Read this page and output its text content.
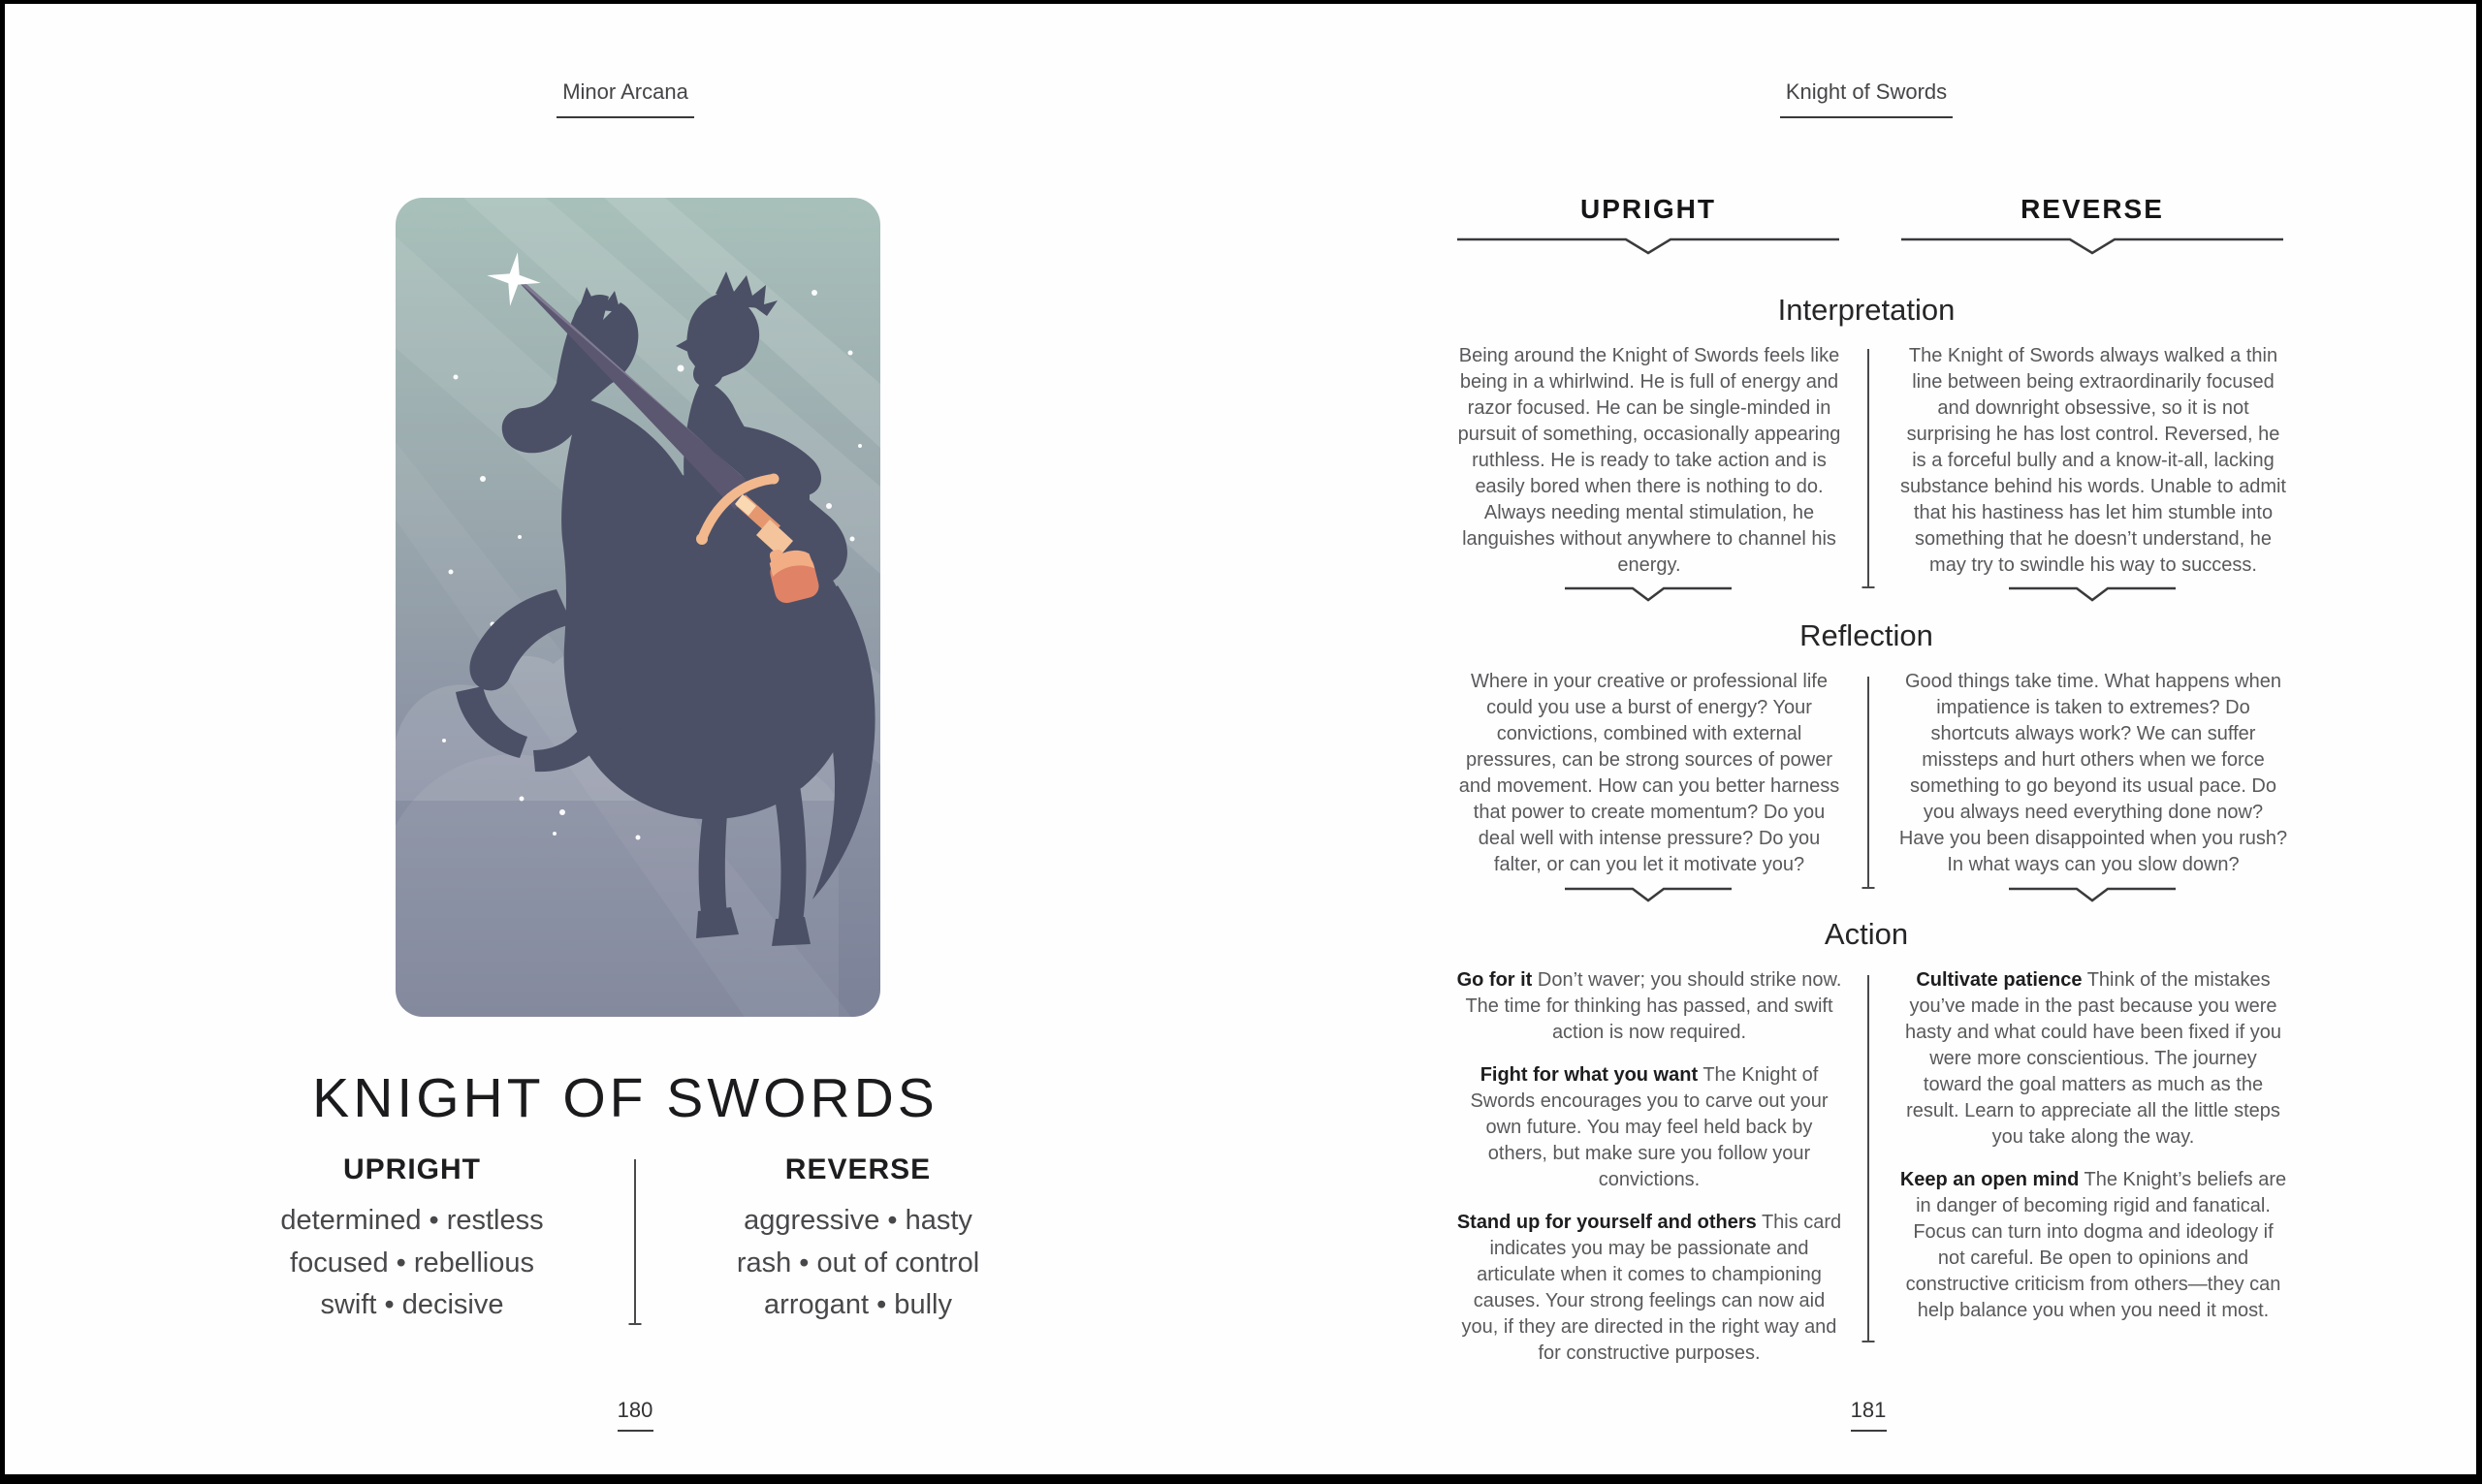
Minor Arcana
KNIGHT OF SWORDS
UPRIGHT
determined • restless
focused • rebellious
swift • decisive
REVERSE
aggressive • hasty
rash • out of control
arrogant • bully
180
Knight of Swords
UPRIGHT	REVERSE
Interpretation

Being around the Knight of Swords feels like being in a whirlwind. He is full of energy and razor focused. He can be single-minded in pursuit of something, occasionally appearing ruthless. He is ready to take action and is easily bored when there is nothing to do. Always needing mental stimulation, he languishes without anywhere to channel his energy.

The Knight of Swords always walked a thin line between being extraordinarily focused and downright obsessive, so it is not surprising he has lost control. Reversed, he is a forceful bully and a know-it-all, lacking substance behind his words. Unable to admit that his hastiness has let him stumble into something that he doesn’t understand, he may try to swindle his way to success.

Reflection

Where in your creative or professional life could you use a burst of energy? Your convictions, combined with external pressures, can be strong sources of power and movement. How can you better harness that power to create momentum? Do you deal well with intense pressure? Do you falter, or can you let it motivate you?

Good things take time. What happens when impatience is taken to extremes? Do shortcuts always work? We can suffer missteps and hurt others when we force something to go beyond its usual pace. Do you always need everything done now? Have you been disappointed when you rush? In what ways can you slow down?

Action

Go for it Don’t waver; you should strike now. The time for thinking has passed, and swift action is now required.

Fight for what you want The Knight of Swords encourages you to carve out your own future. You may feel held back by others, but make sure you follow your convictions.

Stand up for yourself and others This card indicates you may be passionate and articulate when it comes to championing causes. Your strong feelings can now aid you, if they are directed in the right way and for constructive purposes.

Cultivate patience Think of the mistakes you’ve made in the past because you were hasty and what could have been fixed if you were more conscientious. The journey toward the goal matters as much as the result. Learn to appreciate all the little steps you take along the way.

Keep an open mind The Knight’s beliefs are in danger of becoming rigid and fanatical. Focus can turn into dogma and ideology if not careful. Be open to opinions and constructive criticism from others—they can help balance you when you need it most.

181
